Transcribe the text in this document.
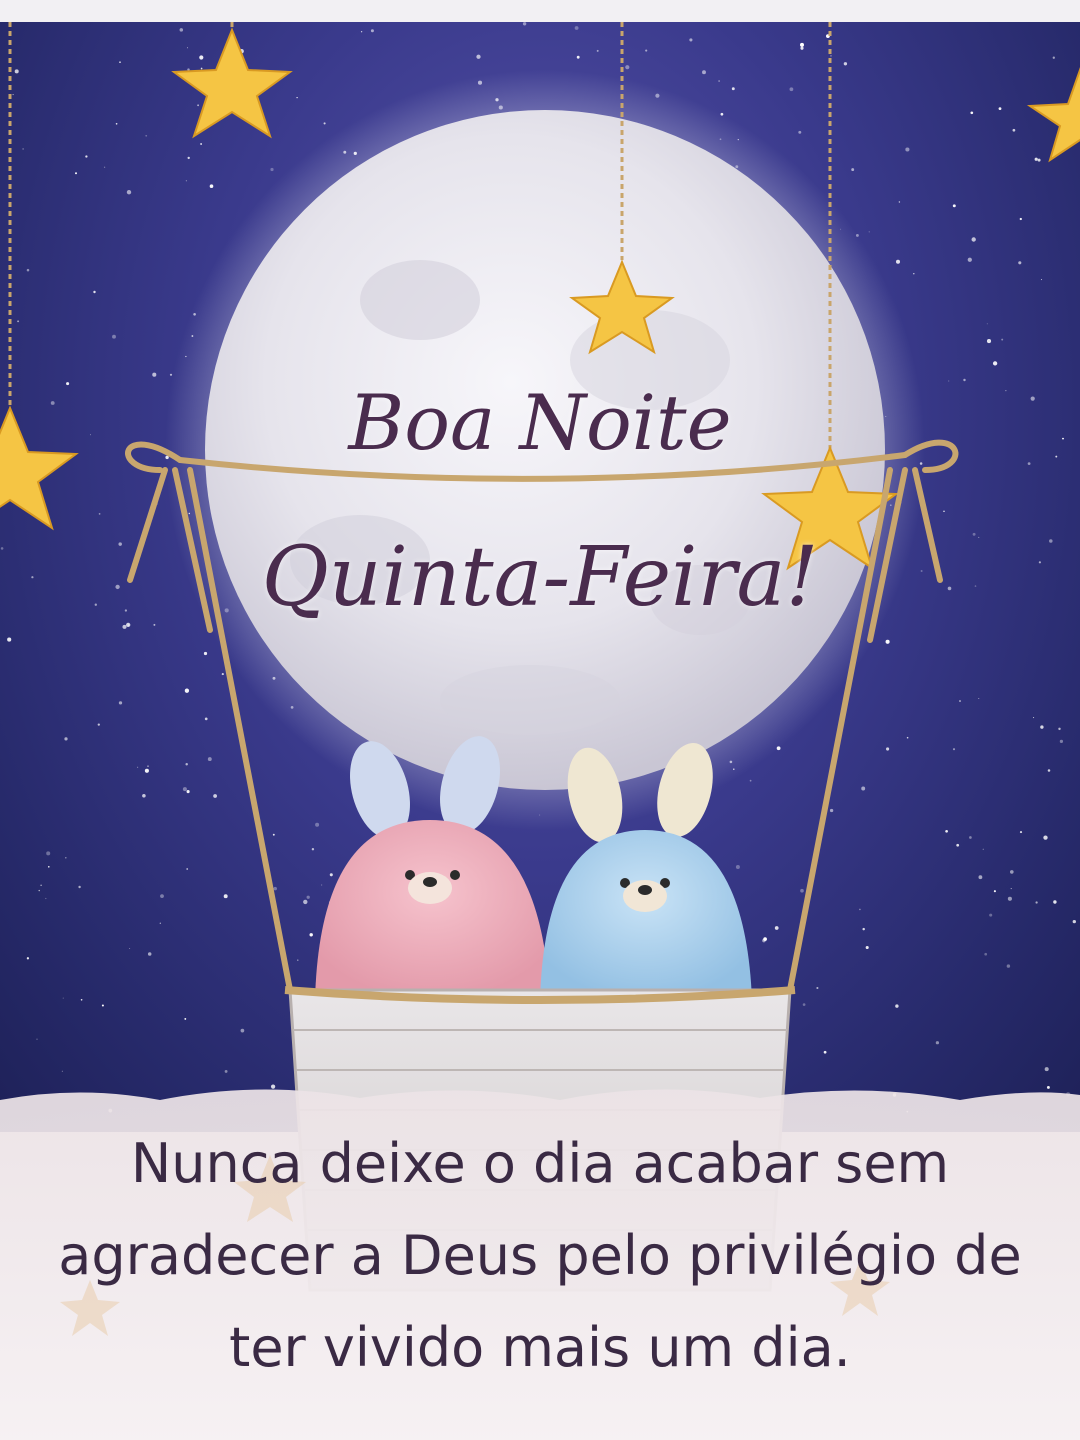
Boa Noite
Quinta-Feira!
Nunca deixe o dia acabar sem
agradecer a Deus pelo privilégio de
ter vivido mais um dia.
